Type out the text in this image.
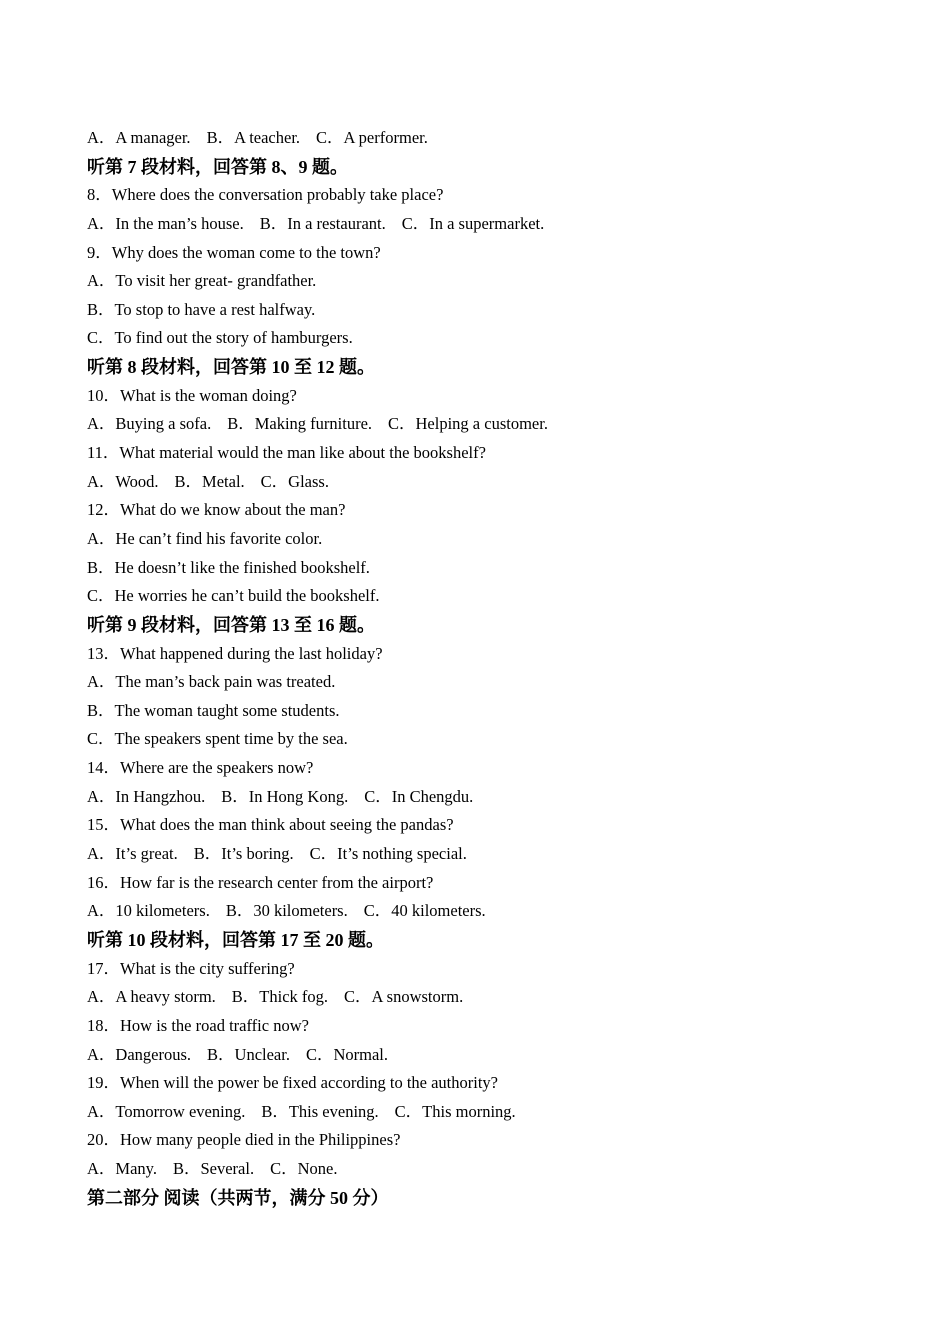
A．A manager. B．A teacher. C．A performer.
听第 7 段材料，回答第 8、9 题。
8．Where does the conversation probably take place?
A．In the man’s house. B．In a restaurant. C．In a supermarket.
9．Why does the woman come to the town?
A．To visit her great- grandfather.
B．To stop to have a rest halfway.
C．To find out the story of hamburgers.
听第 8 段材料，回答第 10 至 12 题。
10．What is the woman doing?
A．Buying a sofa. B．Making furniture. C．Helping a customer.
11．What material would the man like about the bookshelf?
A．Wood. B．Metal. C．Glass.
12．What do we know about the man?
A．He can’t find his favorite color.
B．He doesn’t like the finished bookshelf.
C．He worries he can’t build the bookshelf.
听第 9 段材料，回答第 13 至 16 题。
13．What happened during the last holiday?
A．The man’s back pain was treated.
B．The woman taught some students.
C．The speakers spent time by the sea.
14．Where are the speakers now?
A．In Hangzhou. B．In Hong Kong. C．In Chengdu.
15．What does the man think about seeing the pandas?
A．It’s great. B．It’s boring. C．It’s nothing special.
16．How far is the research center from the airport?
A．10 kilometers. B．30 kilometers. C．40 kilometers.
听第 10 段材料，回答第 17 至 20 题。
17．What is the city suffering?
A．A heavy storm. B．Thick fog. C．A snowstorm.
18．How is the road traffic now?
A．Dangerous. B．Unclear. C．Normal.
19．When will the power be fixed according to the authority?
A．Tomorrow evening. B．This evening. C．This morning.
20．How many people died in the Philippines?
A．Many. B．Several. C．None.
第二部分 阅读（共两节，满分 50 分）
